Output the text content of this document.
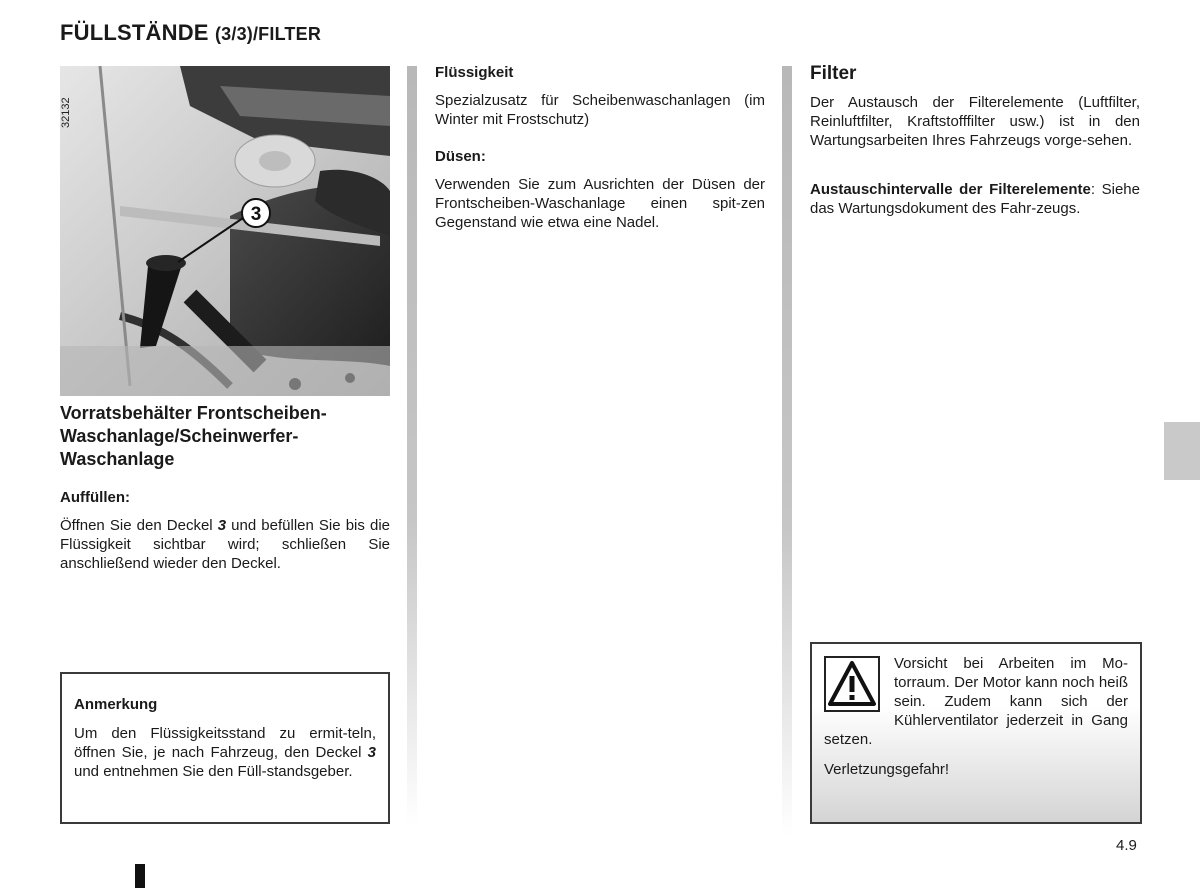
FÜLLSTÄNDE (3/3)/FILTER
3
32132
Vorratsbehälter Frontscheiben-
Waschanlage/Scheinwerfer-
Waschanlage
Auffüllen:
Öffnen Sie den Deckel 3 und befüllen Sie bis die Flüssigkeit sichtbar wird; schließen Sie anschließend wieder den Deckel.
Anmerkung
Um den Flüssigkeitsstand zu ermit-teln, öffnen Sie, je nach Fahrzeug, den Deckel 3 und entnehmen Sie den Füll-standsgeber.
Flüssigkeit
Spezialzusatz für Scheibenwaschanlagen (im Winter mit Frostschutz)
Düsen:
Verwenden Sie zum Ausrichten der Düsen der Frontscheiben-Waschanlage einen spit-zen Gegenstand wie etwa eine Nadel.
Filter
Der Austausch der Filterelemente (Luftfilter, Reinluftfilter, Kraftstofffilter usw.) ist in den Wartungsarbeiten Ihres Fahrzeugs vorge-sehen.
Austauschintervalle der Filterelemente: Siehe das Wartungsdokument des Fahr-zeugs.
Vorsicht bei Arbeiten im Mo-torraum. Der Motor kann noch heiß sein. Zudem kann sich der Kühlerventilator jederzeit in Gang setzen.
Verletzungsgefahr!
4.9
